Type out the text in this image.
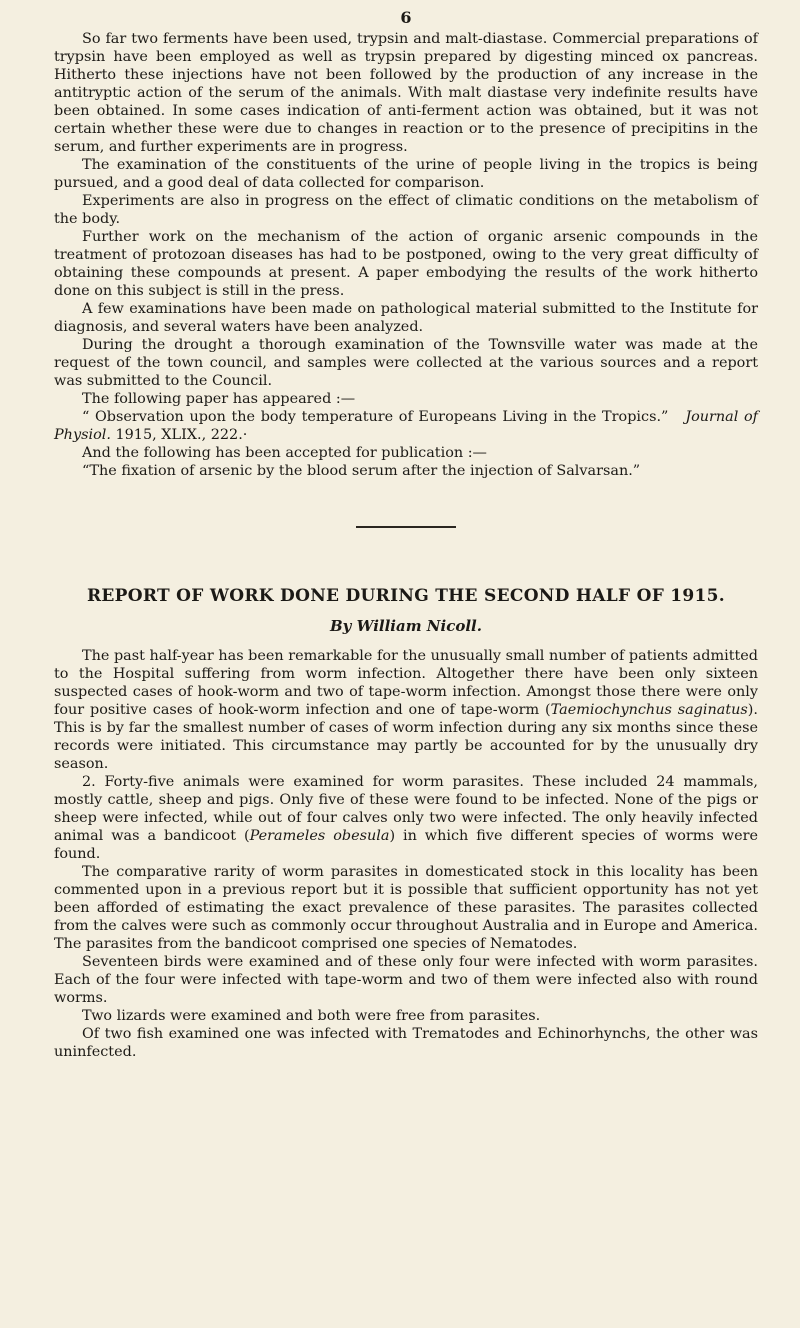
6

So far two ferments have been used, trypsin and malt-diastase. Commercial preparations of trypsin have been employed as well as trypsin prepared by digesting minced ox pancreas. Hitherto these injections have not been followed by the production of any increase in the antitryptic action of the serum of the animals. With malt diastase very indefinite results have been obtained. In some cases indication of anti-ferment action was obtained, but it was not certain whether these were due to changes in reaction or to the presence of precipitins in the serum, and further experiments are in progress.

The examination of the constituents of the urine of people living in the tropics is being pursued, and a good deal of data collected for comparison.

Experiments are also in progress on the effect of climatic conditions on the metabolism of the body.

Further work on the mechanism of the action of organic arsenic compounds in the treatment of protozoan diseases has had to be postponed, owing to the very great difficulty of obtaining these compounds at present. A paper embodying the results of the work hitherto done on this subject is still in the press.

A few examinations have been made on pathological material submitted to the Institute for diagnosis, and several waters have been analyzed.

During the drought a thorough examination of the Townsville water was made at the request of the town council, and samples were collected at the various sources and a report was submitted to the Council.

The following paper has appeared :—

“ Observation upon the body temperature of Europeans Living in the Tropics.” Journal of Physiol. 1915, XLIX., 222.·

And the following has been accepted for publication :—

“The fixation of arsenic by the blood serum after the injection of Salvarsan.”

REPORT OF WORK DONE DURING THE SECOND HALF OF 1915.
By William Nicoll.

The past half-year has been remarkable for the unusually small number of patients admitted to the Hospital suffering from worm infection. Altogether there have been only sixteen suspected cases of hook-worm and two of tape-worm infection. Amongst those there were only four positive cases of hook-worm infection and one of tape-worm (Taemiochynchus saginatus). This is by far the smallest number of cases of worm infection during any six months since these records were initiated. This circumstance may partly be accounted for by the unusually dry season.

2. Forty-five animals were examined for worm parasites. These included 24 mammals, mostly cattle, sheep and pigs. Only five of these were found to be infected. None of the pigs or sheep were infected, while out of four calves only two were infected. The only heavily infected animal was a bandicoot (Perameles obesula) in which five different species of worms were found.

The comparative rarity of worm parasites in domesticated stock in this locality has been commented upon in a previous report but it is possible that sufficient opportunity has not yet been afforded of estimating the exact prevalence of these parasites. The parasites collected from the calves were such as commonly occur throughout Australia and in Europe and America. The parasites from the bandicoot comprised one species of Nematodes.

Seventeen birds were examined and of these only four were infected with worm parasites. Each of the four were infected with tape-worm and two of them were infected also with round worms.

Two lizards were examined and both were free from parasites.

Of two fish examined one was infected with Trematodes and Echinorhynchs, the other was uninfected.
